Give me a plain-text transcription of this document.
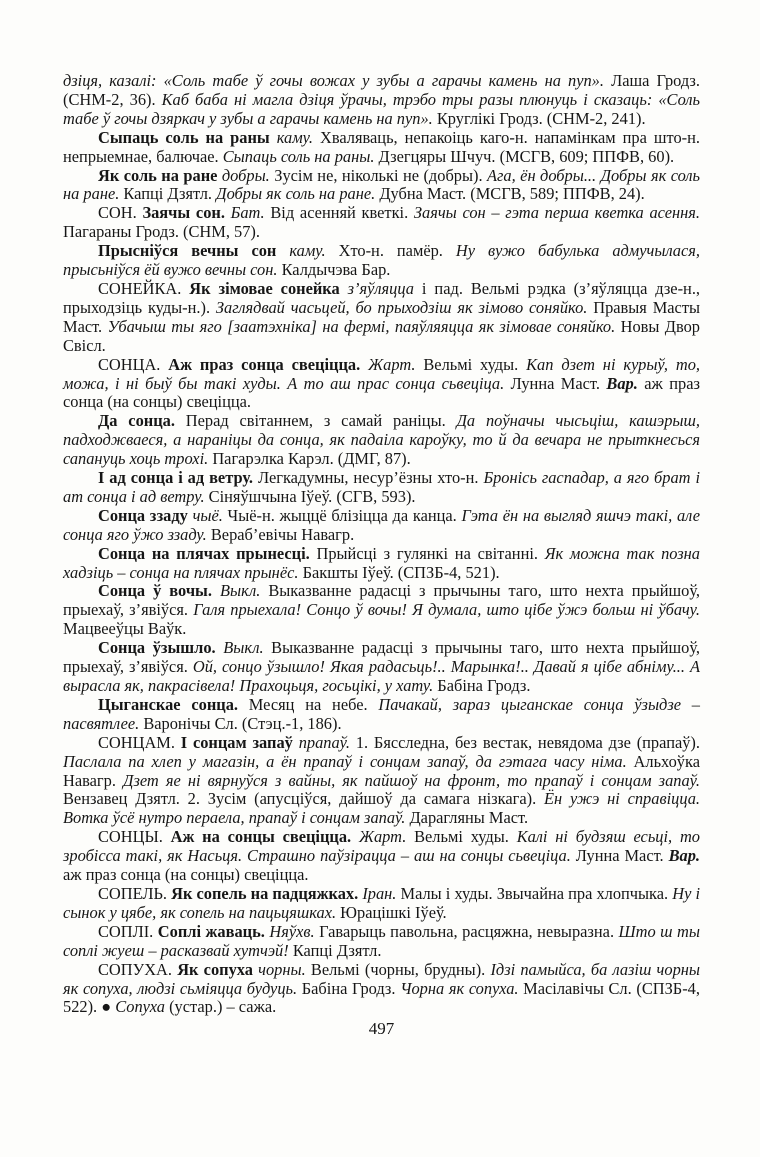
дзіця, казалі: «Соль табе ў гочы вожах у зубы а гарачы камень на пуп». Лаша Гродз. (СНМ-2, 36). Каб баба ні магла дзіця ўрачы, трэбо тры разы плюнуць і сказаць: «Соль табе ў гочы дзяркач у зубы а гарачы камень на пуп». Круглікі Гродз. (СНМ-2, 241).

Сыпаць соль на раны каму. Хваляваць, непакоіць каго-н. напамінкам пра што-н. непрыемнае, балючае. Сыпаць соль на раны. Дзегцяры Шчуч. (МСГВ, 609; ППФВ, 60).

Як соль на ране добры. Зусім не, ніколькі не (добры). Ага, ён добры... Добры як соль на ране. Капці Дзятл. Добры як соль на ране. Дубна Маст. (МСГВ, 589; ППФВ, 24).

СОН. Заячы сон. Бат. Від асенняй кветкі. Заячы сон – гэта перша кветка асення. Пагараны Гродз. (СНМ, 57).

Прысніўся вечны сон каму. Хто-н. памёр. Ну вужо бабулька адмучылася, прысьніўся ёй вужо вечны сон. Калдычэва Бар.

СОНЕЙКА. Як зімовае сонейка з’яўляцца і пад. Вельмі рэдка (з’яўляцца дзе-н., прыходзіць куды-н.). Заглядвай часьцей, бо прыходзіш як зімово соняйко. Правыя Масты Маст. Убачыш ты яго [заатэхніка] на фермі, паяўляяцца як зімовае соняйко. Новы Двор Свісл.

СОНЦА. Аж праз сонца свеціцца. Жарт. Вельмі худы. Кап дзет ні курыў, то, можа, і ні быў бы такі худы. А то аш прас сонца сьвеціца. Лунна Маст. Вар. аж праз сонца (на сонцы) свеціцца.

Да сонца. Перад світаннем, з самай раніцы. Да поўначы чысьціш, кашэрыш, падходжваеся, а нараніцы да сонца, як падаіла кароўку, то й да вечара не прыткнесься сапануць хоць трохі. Пагарэлка Карэл. (ДМГ, 87).

І ад сонца і ад ветру. Легкадумны, несур’ёзны хто-н. Бронісь гаспадар, а яго брат і ат сонца і ад ветру. Сіняўшчына Іўеў. (СГВ, 593).

Сонца ззаду чыё. Чыё-н. жыццё блізіцца да канца. Гэта ён на выгляд яшчэ такі, але сонца яго ўжо ззаду. Вераб’евічы Навагр.

Сонца на плячах прынесці. Прыйсці з гулянкі на світанні. Як можна так позна хадзіць – сонца на плячах прынёс. Бакшты Іўеў. (СПЗБ-4, 521).

Сонца ў вочы. Выкл. Выказванне радасці з прычыны таго, што нехта прыйшоў, прыехаў, з’явіўся. Галя прыехала! Сонцо ў вочы! Я думала, што цібе ўжэ больш ні ўбачу. Мацвееўцы Ваўк.

Сонца ўзышло. Выкл. Выказванне радасці з прычыны таго, што нехта прыйшоў, прыехаў, з’явіўся. Ой, сонцо ўзышло! Якая радасьць!.. Марынка!.. Давай я цібе абніму... А вырасла як, пакрасівела! Прахоцьця, госьцікі, у хату. Бабіна Гродз.

Цыганскае сонца. Месяц на небе. Пачакай, зараз цыганскае сонца ўзыдзе – пасвятлее. Варонічы Сл. (Стэц.-1, 186).

СОНЦАМ. І сонцам запаў прапаў. 1. Бясследна, без вестак, невядома дзе (прапаў). Паслала па хлеп у магазін, а ён прапаў і сонцам запаў, да гэтага часу німа. Альхоўка Навагр. Дзет яе ні вярнуўся з вайны, як пайшоў на фронт, то прапаў і сонцам запаў. Вензавец Дзятл. 2. Зусім (апусціўся, дайшоў да самага нізкага). Ён ужэ ні справіцца. Вотка ўсё нутро пераела, прапаў і сонцам запаў. Дарагляны Маст.

СОНЦЫ. Аж на сонцы свеціцца. Жарт. Вельмі худы. Калі ні будзяш есьці, то зробісса такі, як Насьця. Страшно паўзірацца – аш на сонцы сьвеціца. Лунна Маст. Вар. аж праз сонца (на сонцы) свеціцца.

СОПЕЛЬ. Як сопель на падцяжках. Іран. Малы і худы. Звычайна пра хлопчыка. Ну і сынок у цябе, як сопель на пацьцяшках. Юрацішкі Іўеў.

СОПЛІ. Соплі жаваць. Няўхв. Гаварыць павольна, расцяжна, невыразна. Што ш ты соплі жуеш – расказвай хутчэй! Капці Дзятл.

СОПУХА. Як сопуха чорны. Вельмі (чорны, брудны). Ідзі памыйса, ба лазіш чорны як сопуха, людзі сьміяцца будуць. Бабіна Гродз. Чорна як сопуха. Масілавічы Сл. (СПЗБ-4, 522). ● Сопуха (устар.) – сажа.

497
